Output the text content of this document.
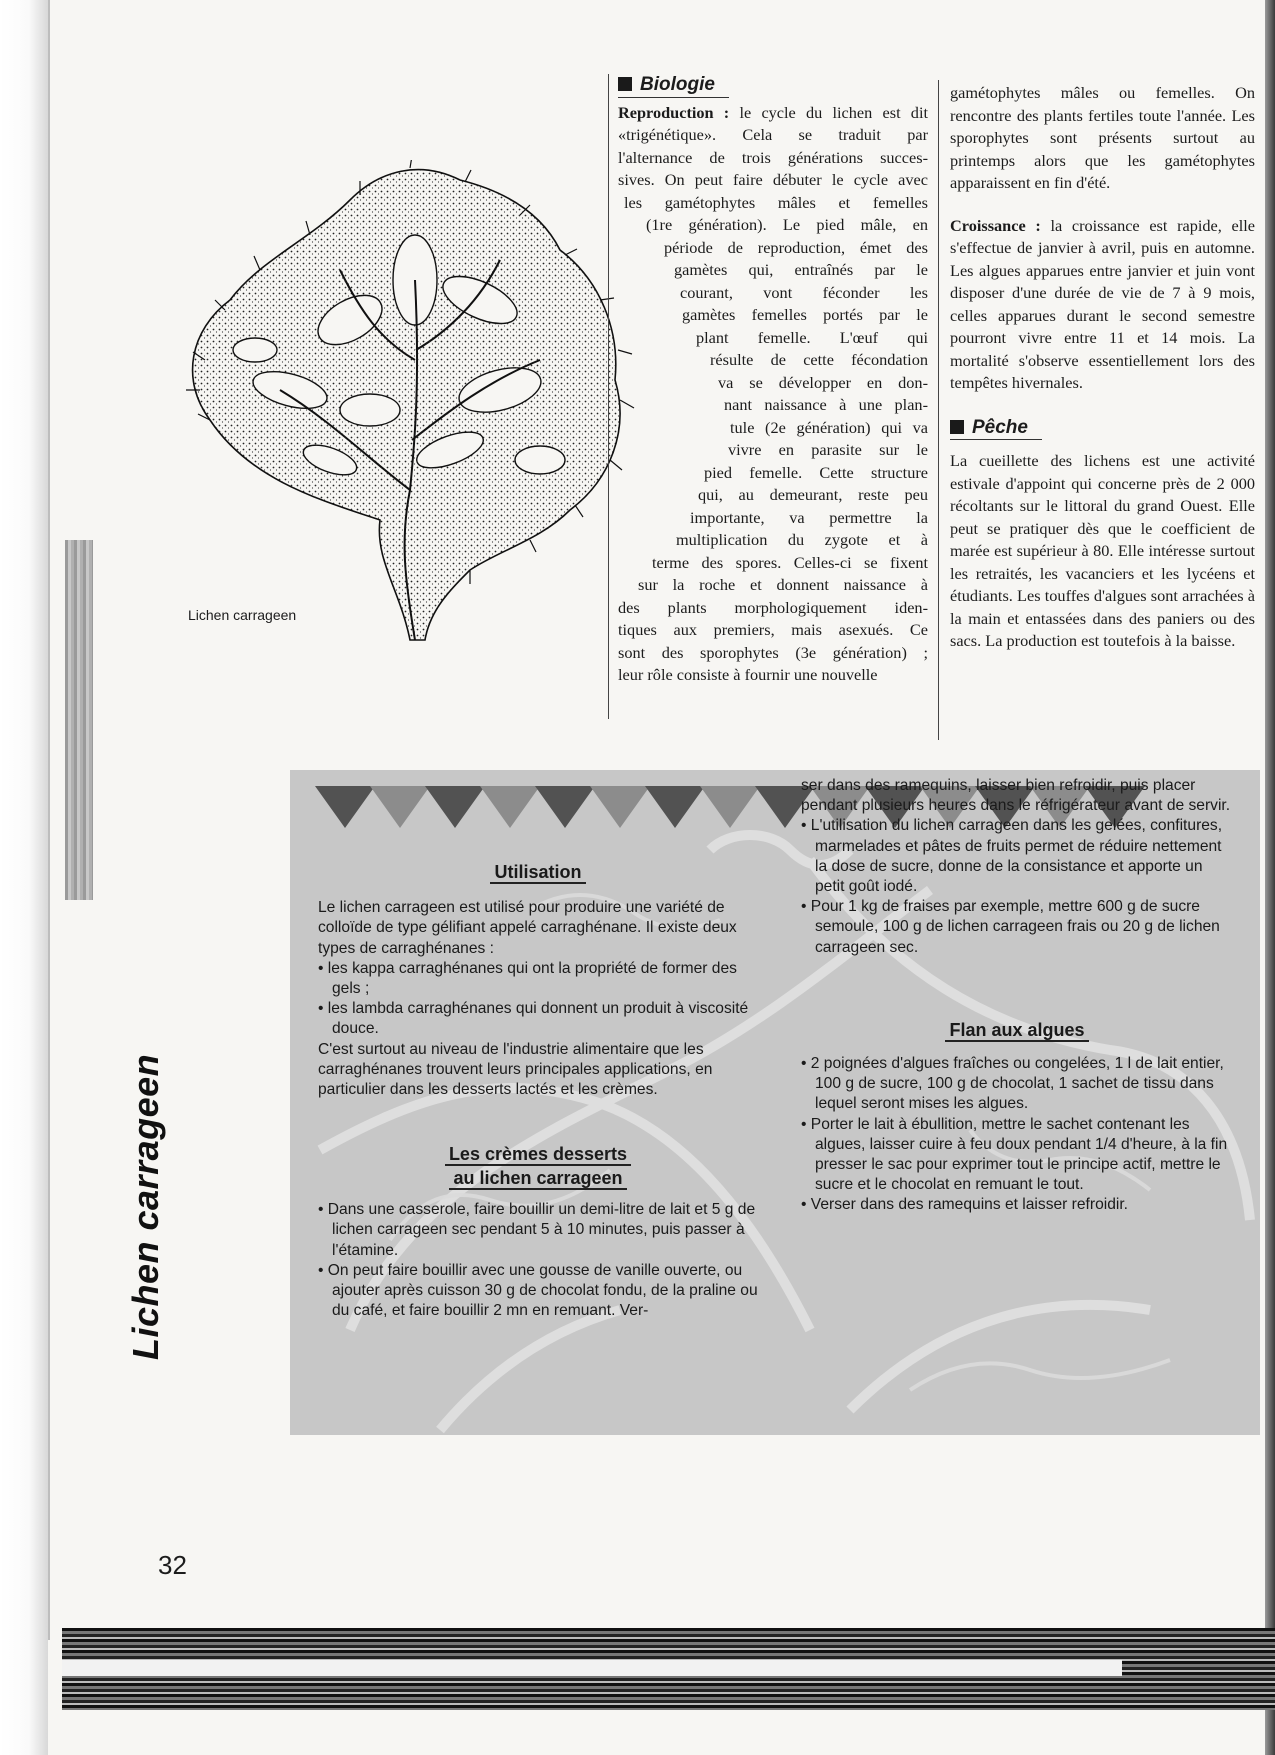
Lichen carrageen
Lichen carrageen
Biologie
Reproduction : le cycle du lichen est dit
«trigénétique». Cela se traduit par
l'alternance de trois générations succes-
sives. On peut faire débuter le cycle avec
les gamétophytes mâles et femelles
(1re génération). Le pied mâle, en
période de reproduction, émet des
gamètes qui, entraînés par le
courant, vont féconder les
gamètes femelles portés par le
plant femelle. L'œuf qui
résulte de cette fécondation
va se développer en don-
nant naissance à une plan-
tule (2e génération) qui va
vivre en parasite sur le
pied femelle. Cette structure
qui, au demeurant, reste peu
importante, va permettre la
multiplication du zygote et à
terme des spores. Celles-ci se fixent
sur la roche et donnent naissance à
des plants morphologiquement iden-
tiques aux premiers, mais asexués. Ce
sont des sporophytes (3e génération) ;
leur rôle consiste à fournir une nouvelle

gamétophytes mâles ou femelles. On rencontre des plants fertiles toute l'année. Les sporophytes sont présents surtout au printemps alors que les gamétophytes apparaissent en fin d'été.

Croissance : la croissance est rapide, elle s'effectue de janvier à avril, puis en automne. Les algues apparues entre janvier et juin vont disposer d'une durée de vie de 7 à 9 mois, celles apparues durant le second semestre pourront vivre entre 11 et 14 mois. La mortalité s'observe essentiellement lors des tempêtes hivernales.

Pêche

La cueillette des lichens est une activité estivale d'appoint qui concerne près de 2 000 récoltants sur le littoral du grand Ouest. Elle peut se pratiquer dès que le coefficient de marée est supérieur à 80. Elle intéresse surtout les retraités, les vacanciers et les lycéens et étudiants. Les touffes d'algues sont arrachées à la main et entassées dans des paniers ou des sacs. La production est toutefois à la baisse.

Utilisation
Le lichen carrageen est utilisé pour produire une variété de colloïde de type gélifiant appelé carraghénane. Il existe deux types de carraghénanes :
• les kappa carraghénanes qui ont la propriété de former des gels ;
• les lambda carraghénanes qui donnent un produit à viscosité douce.
C'est surtout au niveau de l'industrie alimentaire que les carraghénanes trouvent leurs principales applications, en particulier dans les desserts lactés et les crèmes.
Les crèmes desserts
au lichen carrageen
• Dans une casserole, faire bouillir un demi-litre de lait et 5 g de lichen carrageen sec pendant 5 à 10 minutes, puis passer à l'étamine.
• On peut faire bouillir avec une gousse de vanille ouverte, ou ajouter après cuisson 30 g de chocolat fondu, de la praline ou du café, et faire bouillir 2 mn en remuant. Ver-
ser dans des ramequins, laisser bien refroidir, puis placer pendant plusieurs heures dans le réfrigérateur avant de servir.
• L'utilisation du lichen carrageen dans les gelées, confitures, marmelades et pâtes de fruits permet de réduire nettement la dose de sucre, donne de la consistance et apporte un petit goût iodé.
• Pour 1 kg de fraises par exemple, mettre 600 g de sucre semoule, 100 g de lichen carrageen frais ou 20 g de lichen carrageen sec.
Flan aux algues
• 2 poignées d'algues fraîches ou congelées, 1 l de lait entier, 100 g de sucre, 100 g de chocolat, 1 sachet de tissu dans lequel seront mises les algues.
• Porter le lait à ébullition, mettre le sachet contenant les algues, laisser cuire à feu doux pendant 1/4 d'heure, à la fin presser le sac pour exprimer tout le principe actif, mettre le sucre et le chocolat en remuant le tout.
• Verser dans des ramequins et laisser refroidir.
32
